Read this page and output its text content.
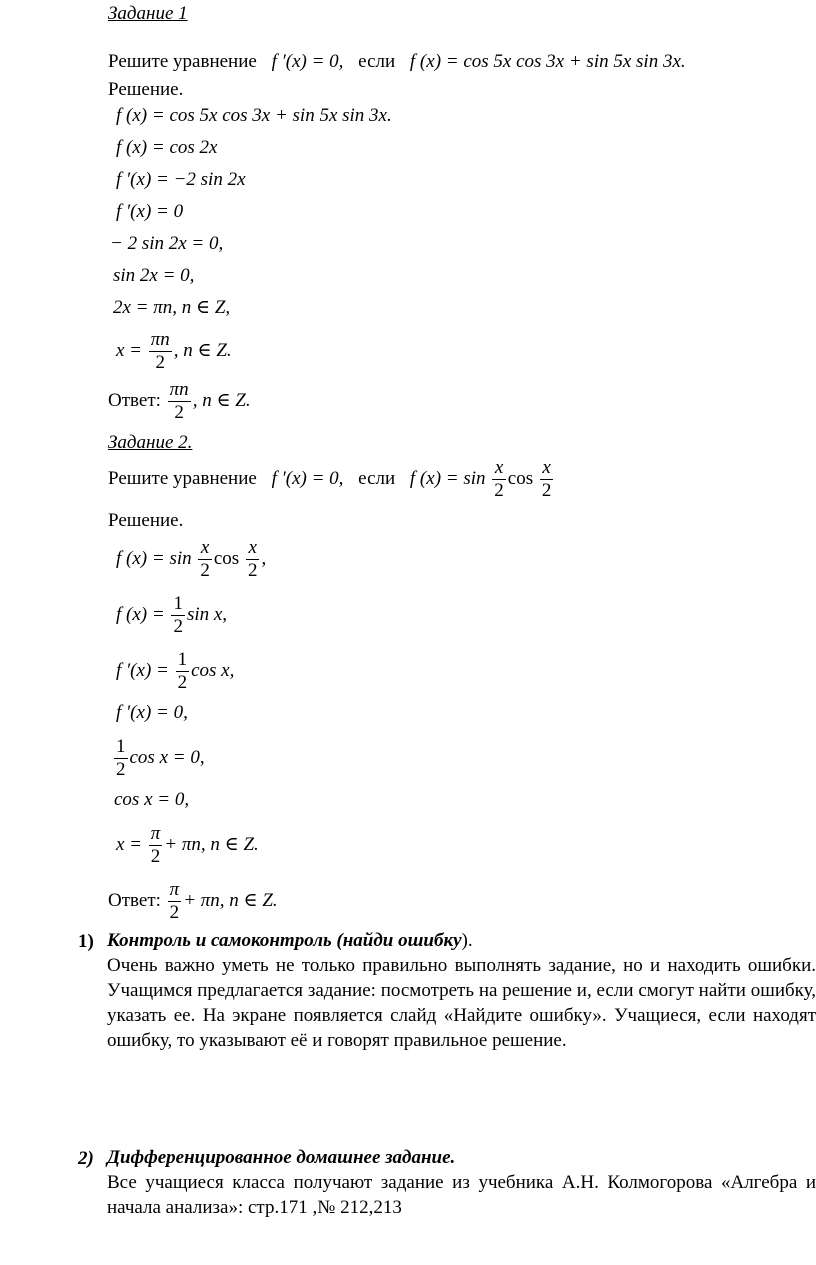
Задание 1
Решите уравнение f ′(x) = 0, если f (x) = cos 5x cos 3x + sin 5x sin 3x.
Решение.
f (x) = cos 5x cos 3x + sin 5x sin 3x.
f (x) = cos 2x
f ′(x) = −2 sin 2x
f ′(x) = 0
− 2 sin 2x = 0,
sin 2x = 0,
2x = πn, n ∈ Z,
$x = \frac{\pi n}{2}$ , n ∈ Z.
Ответ: $\frac{\pi n}{2}$ , n ∈ Z.
Задание 2.
Решите уравнение f ′(x) = 0, если f $(x) = \sin \frac{x}{2}$ $\cos \frac{x}{2}$
Решение.
f $(x) = \sin \frac{x}{2}$ $\cos \frac{x}{2}$ ,
f $(x) = \frac{1}{2}$ sin x,
f $'(x) = \frac{1}{2}$ cos x,
f ′(x) = 0,
$\frac{1}{2}$ cos x = 0,
cos x = 0,
$x = \frac{\pi}{2} + \pi n$, n ∈ Z.
Ответ: $\frac{\pi}{2} + \pi n$, n ∈ Z.
1) Контроль и самоконтроль (найди ошибку).
Очень важно уметь не только правильно выполнять задание, но и находить ошибки. Учащимся предлагается задание: посмотреть на решение и, если смогут найти ошибку, указать ее. На экране появляется слайд «Найдите ошибку». Учащиеся, если находят ошибку, то указывают её и говорят правильное решение.
2) Дифференцированное домашнее задание.
Все учащиеся класса получают задание из учебника А.Н. Колмогорова «Алгебра и начала анализа»: стр.171 ,№ 212,213
